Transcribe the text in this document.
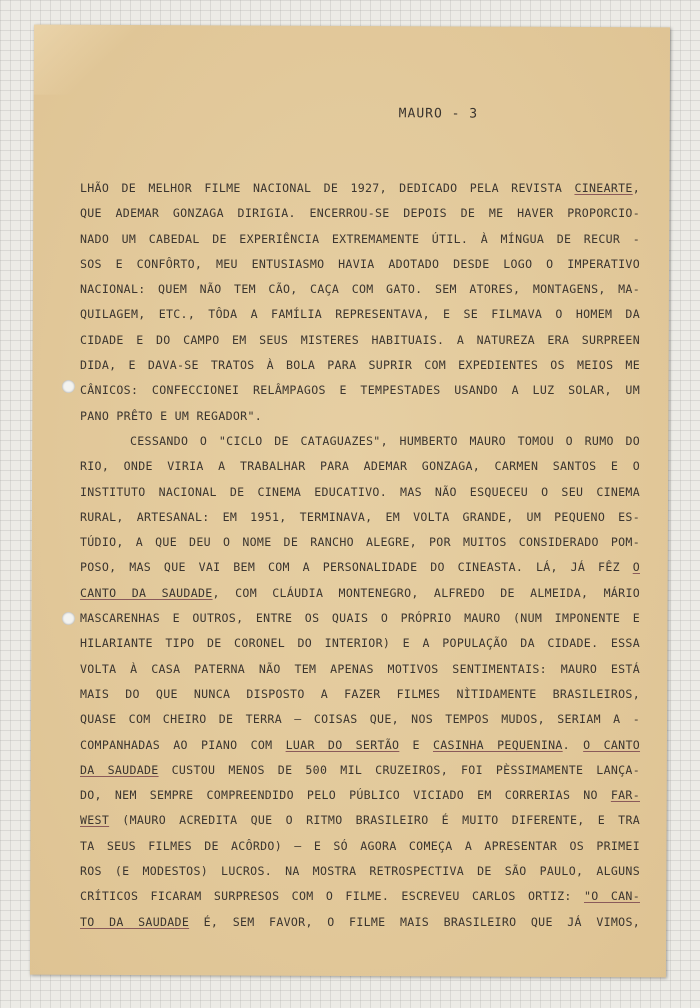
MAURO - 3
LHÃO DE MELHOR FILME NACIONAL DE 1927, DEDICADO PELA REVISTA CINEARTE,
QUE ADEMAR GONZAGA DIRIGIA. ENCERROU-SE DEPOIS DE ME HAVER PROPORCIO-
NADO UM CABEDAL DE EXPERIÊNCIA EXTREMAMENTE ÚTIL. À MÍNGUA DE RECUR -
SOS E CONFÔRTO, MEU ENTUSIASMO HAVIA ADOTADO DESDE LOGO O IMPERATIVO
NACIONAL: QUEM NÃO TEM CÃO, CAÇA COM GATO. SEM ATORES, MONTAGENS, MA-
QUILAGEM, ETC., TÔDA A FAMÍLIA REPRESENTAVA, E SE FILMAVA O HOMEM DA
CIDADE E DO CAMPO EM SEUS MISTERES HABITUAIS. A NATUREZA ERA SURPREEN
DIDA, E DAVA-SE TRATOS À BOLA PARA SUPRIR COM EXPEDIENTES OS MEIOS ME
CÂNICOS: CONFECCIONEI RELÂMPAGOS E TEMPESTADES USANDO A LUZ SOLAR, UM
PANO PRÊTO E UM REGADOR".
CESSANDO O "CICLO DE CATAGUAZES", HUMBERTO MAURO TOMOU O RUMO DO
RIO, ONDE VIRIA A TRABALHAR PARA ADEMAR GONZAGA, CARMEN SANTOS E O
INSTITUTO NACIONAL DE CINEMA EDUCATIVO. MAS NÃO ESQUECEU O SEU CINEMA
RURAL, ARTESANAL: EM 1951, TERMINAVA, EM VOLTA GRANDE, UM PEQUENO ES-
TÚDIO, A QUE DEU O NOME DE RANCHO ALEGRE, POR MUITOS CONSIDERADO POM-
POSO, MAS QUE VAI BEM COM A PERSONALIDADE DO CINEASTA. LÁ, JÁ FÊZ O
CANTO DA SAUDADE, COM CLÁUDIA MONTENEGRO, ALFREDO DE ALMEIDA, MÁRIO
MASCARENHAS E OUTROS, ENTRE OS QUAIS O PRÓPRIO MAURO (NUM IMPONENTE E
HILARIANTE TIPO DE CORONEL DO INTERIOR) E A POPULAÇÃO DA CIDADE. ESSA
VOLTA À CASA PATERNA NÃO TEM APENAS MOTIVOS SENTIMENTAIS: MAURO ESTÁ
MAIS DO QUE NUNCA DISPOSTO A FAZER FILMES NÌTIDAMENTE BRASILEIROS,
QUASE COM CHEIRO DE TERRA — COISAS QUE, NOS TEMPOS MUDOS, SERIAM A -
COMPANHADAS AO PIANO COM LUAR DO SERTÃO E CASINHA PEQUENINA. O CANTO
DA SAUDADE CUSTOU MENOS DE 500 MIL CRUZEIROS, FOI PÈSSIMAMENTE LANÇA-
DO, NEM SEMPRE COMPREENDIDO PELO PÚBLICO VICIADO EM CORRERIAS NO FAR-
WEST (MAURO ACREDITA QUE O RITMO BRASILEIRO É MUITO DIFERENTE, E TRA
TA SEUS FILMES DE ACÔRDO) — E SÓ AGORA COMEÇA A APRESENTAR OS PRIMEI
ROS (E MODESTOS) LUCROS. NA MOSTRA RETROSPECTIVA DE SÃO PAULO, ALGUNS
CRÍTICOS FICARAM SURPRESOS COM O FILME. ESCREVEU CARLOS ORTIZ: "O CAN-
TO DA SAUDADE É, SEM FAVOR, O FILME MAIS BRASILEIRO QUE JÁ VIMOS,
